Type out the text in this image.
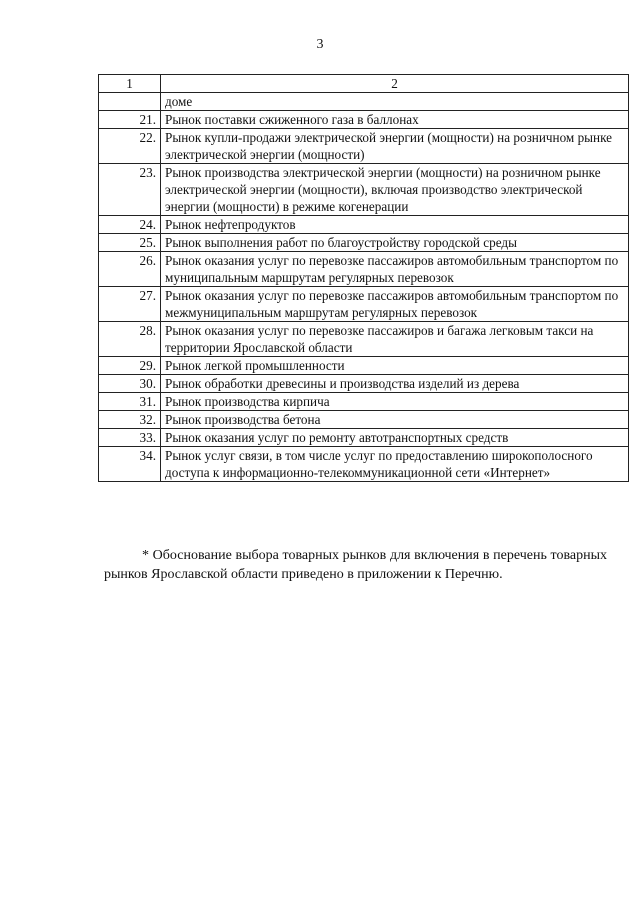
3
1	2
	доме
21.	Рынок поставки сжиженного газа в баллонах
22.	Рынок купли-продажи электрической энергии (мощности) на розничном рынке электрической энергии (мощности)
23.	Рынок производства электрической энергии (мощности) на розничном рынке электрической энергии (мощности), включая производство электрической энергии (мощности) в режиме когенерации
24.	Рынок нефтепродуктов
25.	Рынок выполнения работ по благоустройству городской среды
26.	Рынок оказания услуг по перевозке пассажиров автомобильным транспортом по муниципальным маршрутам регулярных перевозок
27.	Рынок оказания услуг по перевозке пассажиров автомобильным транспортом по межмуниципальным маршрутам регулярных перевозок
28.	Рынок оказания услуг по перевозке пассажиров и багажа легковым такси на территории Ярославской области
29.	Рынок легкой промышленности
30.	Рынок обработки древесины и производства изделий из дерева
31.	Рынок производства кирпича
32.	Рынок производства бетона
33.	Рынок оказания услуг по ремонту автотранспортных средств
34.	Рынок услуг связи, в том числе услуг по предоставлению широкополосного доступа к информационно-телекоммуникационной сети «Интернет»
* Обоснование выбора товарных рынков для включения в перечень товарных рынков Ярославской области приведено в приложении к Перечню.
